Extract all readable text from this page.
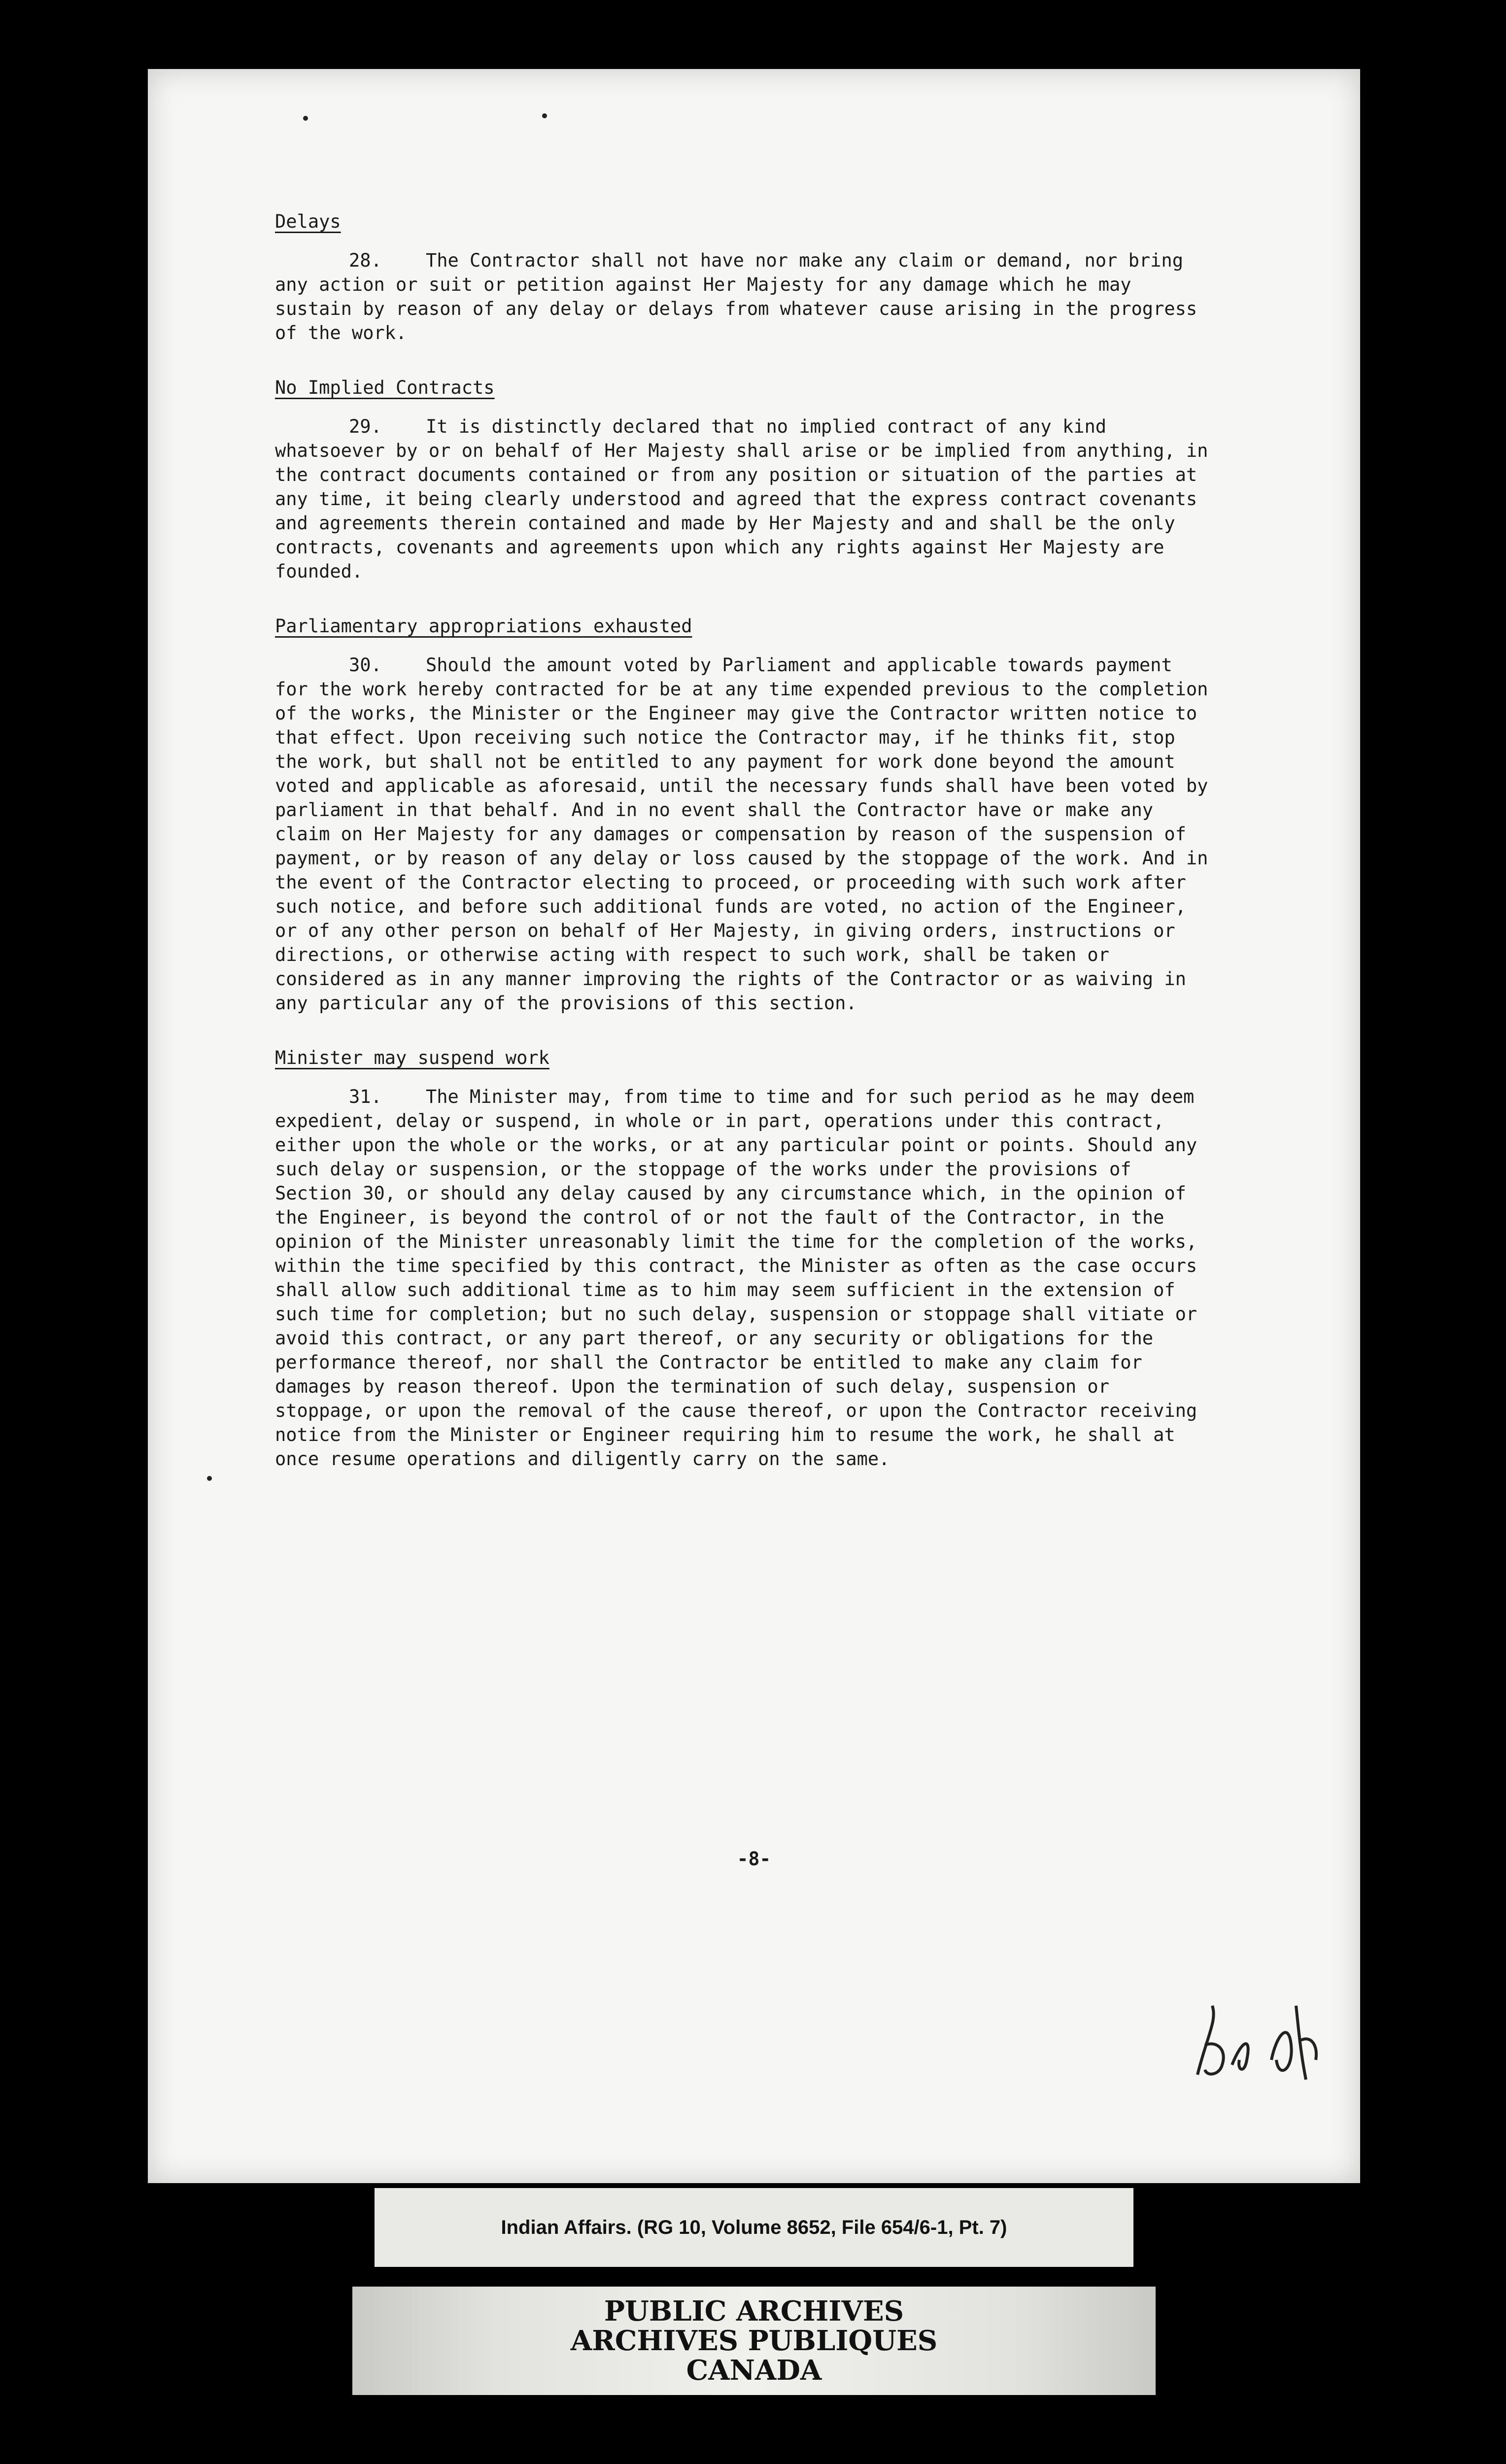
Delays

28. The Contractor shall not have nor make any claim or demand, nor bring any action or suit or petition against Her Majesty for any damage which he may sustain by reason of any delay or delays from whatever cause arising in the progress of the work.

No Implied Contracts

29. It is distinctly declared that no implied contract of any kind whatsoever by or on behalf of Her Majesty shall arise or be implied from anything, in the contract documents contained or from any position or situation of the parties at any time, it being clearly understood and agreed that the express contract covenants and agreements therein contained and made by Her Majesty and and shall be the only contracts, covenants and agreements upon which any rights against Her Majesty are founded.

Parliamentary appropriations exhausted

30. Should the amount voted by Parliament and applicable towards payment for the work hereby contracted for be at any time expended previous to the completion of the works, the Minister or the Engineer may give the Contractor written notice to that effect. Upon receiving such notice the Contractor may, if he thinks fit, stop the work, but shall not be entitled to any payment for work done beyond the amount voted and applicable as aforesaid, until the necessary funds shall have been voted by parliament in that behalf. And in no event shall the Contractor have or make any claim on Her Majesty for any damages or compensation by reason of the suspension of payment, or by reason of any delay or loss caused by the stoppage of the work. And in the event of the Contractor electing to proceed, or proceeding with such work after such notice, and before such additional funds are voted, no action of the Engineer, or of any other person on behalf of Her Majesty, in giving orders, instructions or directions, or otherwise acting with respect to such work, shall be taken or considered as in any manner improving the rights of the Contractor or as waiving in any particular any of the provisions of this section.

Minister may suspend work

31. The Minister may, from time to time and for such period as he may deem expedient, delay or suspend, in whole or in part, operations under this contract, either upon the whole or the works, or at any particular point or points. Should any such delay or suspension, or the stoppage of the works under the provisions of Section 30, or should any delay caused by any circumstance which, in the opinion of the Engineer, is beyond the control of or not the fault of the Contractor, in the opinion of the Minister unreasonably limit the time for the completion of the works, within the time specified by this contract, the Minister as often as the case occurs shall allow such additional time as to him may seem sufficient in the extension of such time for completion; but no such delay, suspension or stoppage shall vitiate or avoid this contract, or any part thereof, or any security or obligations for the performance thereof, nor shall the Contractor be entitled to make any claim for damages by reason thereof. Upon the termination of such delay, suspension or stoppage, or upon the removal of the cause thereof, or upon the Contractor receiving notice from the Minister or Engineer requiring him to resume the work, he shall at once resume operations and diligently carry on the same.

-8-
Indian Affairs. (RG 10, Volume 8652, File 654/6-1, Pt. 7)
PUBLIC ARCHIVES
ARCHIVES PUBLIQUES
CANADA
